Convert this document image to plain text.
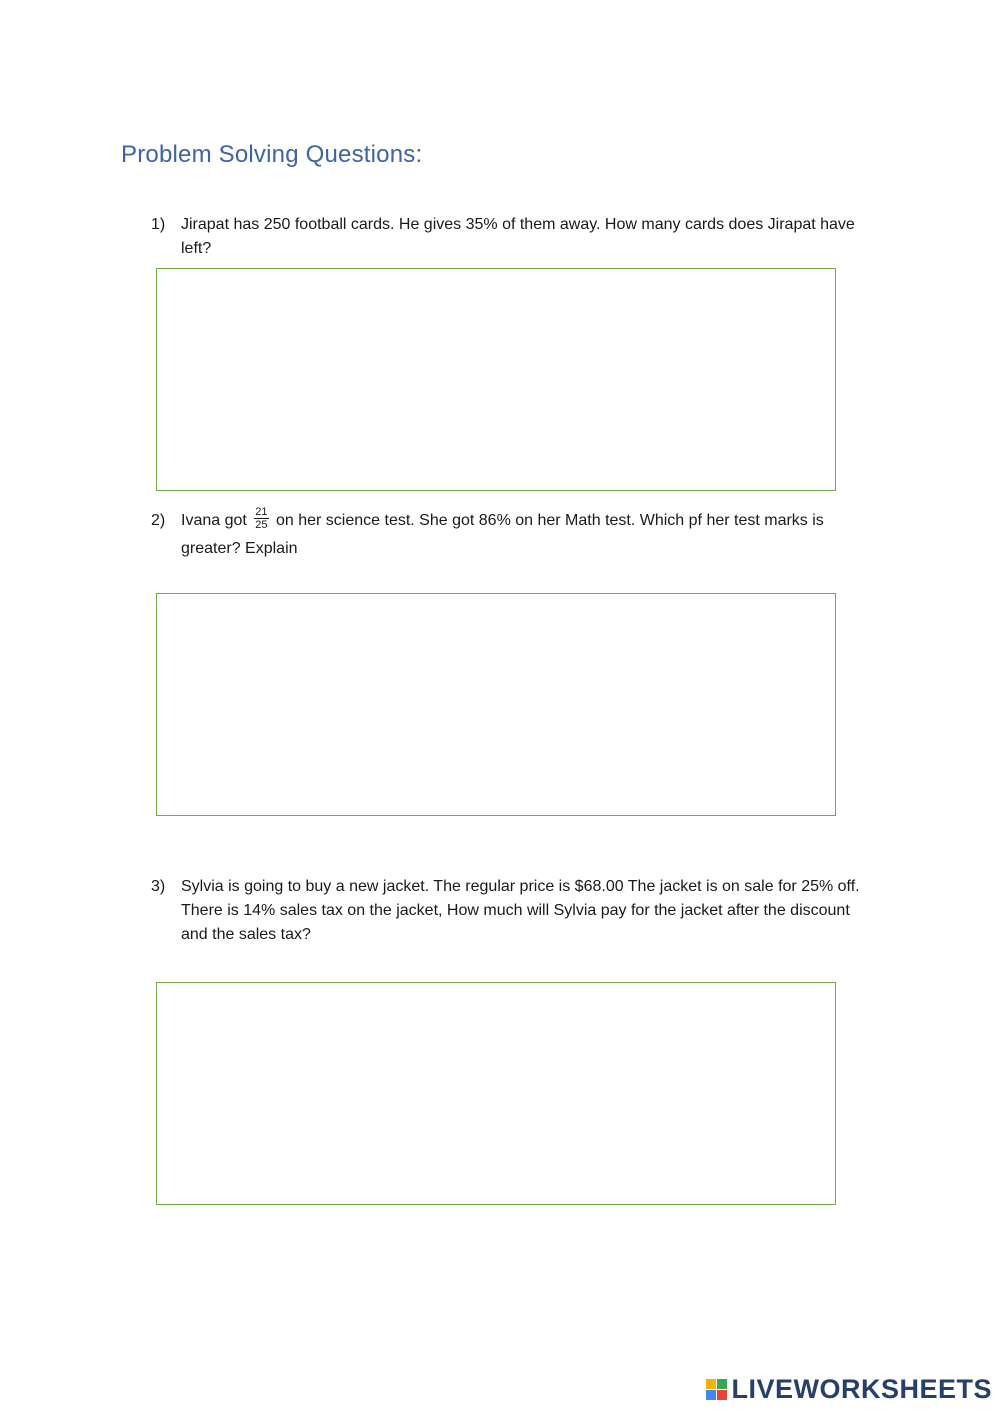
Problem Solving Questions:
1) Jirapat has 250 football cards. He gives 35% of them away. How many cards does Jirapat have left?
2) Ivana got $\frac{21}{25}$ on her science test. She got 86% on her Math test. Which pf her test marks is greater? Explain
3) Sylvia is going to buy a new jacket. The regular price is $68.00 The jacket is on sale for 25% off. There is 14% sales tax on the jacket, How much will Sylvia pay for the jacket after the discount and the sales tax?
LIVEWORKSHEETS
